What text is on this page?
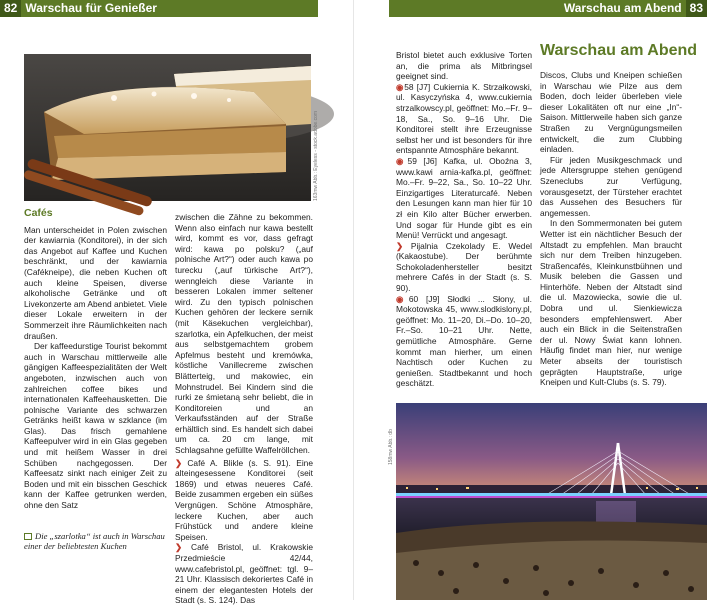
82 Warschau für Genießer	Warschau am Abend 83
163mw Abb.: Eyeless - stock.adobe.com
Cafés

Man unterscheidet in Polen zwischen der kawiarnia (Konditorei), in der sich das Angebot auf Kaffee und Kuchen beschränkt, und der kawiarnia (Cafékneipe), die neben Kuchen oft auch kleine Speisen, diverse alkoholische Getränke und oft Livekonzerte am Abend anbietet. Viele dieser Lokale erweitern in der Sommerzeit ihre Räumlichkeiten nach draußen.

Der kaffeedurstige Tourist bekommt auch in Warschau mittlerweile alle gängigen Kaffeespezialitäten der Welt angeboten, inzwischen auch von zahlreichen coffee bikes und internationalen Kaffeehausketten. Die polnische Variante des schwarzen Getränks heißt kawa w szklance (im Glas). Das frisch gemahlene Kaffeepulver wird in ein Glas gegeben und mit heißem Wasser in drei Schüben nachgegossen. Der Kaffeesatz sinkt nach einiger Zeit zu Boden und mit ein bisschen Geschick kann der Kaffee getrunken werden, ohne den Satz

Die „szarlotka“ ist auch in Warschau einer der beliebtesten Kuchen

zwischen die Zähne zu bekommen. Wenn also einfach nur kawa bestellt wird, kommt es vor, dass gefragt wird: kawa po polsku? („auf polnische Art?“) oder auch kawa po turecku („auf türkische Art?“), wenngleich diese Variante in besseren Lokalen immer seltener wird. Zu den typisch polnischen Kuchen gehören der leckere sernik (mit Käsekuchen vergleichbar), szarlotka, ein Apfelkuchen, der meist aus selbstgemachtem grobem Apfelmus besteht und kremówka, köstliche Vanillecreme zwischen Blätterteig, und makowiec, ein Mohnstrudel. Bei Kindern sind die rurki ze śmietaną sehr beliebt, die in Konditoreien und an Verkaufsständen auf der Straße erhältlich sind. Es handelt sich dabei um ca. 20 cm lange, mit Schlagsahne gefüllte Waffelröllchen.

❯ Café A. Blikle (s. S. 91). Eine alteingesessene Konditorei (seit 1869) und etwas neueres Café. Beide zusammen ergeben ein süßes Vergnügen. Schöne Atmosphäre, leckere Kuchen, aber auch Frühstück und andere kleine Speisen.

❯ Café Bristol, ul. Krakowskie Przedmieście 42/44, www.cafebristol.pl, geöffnet: tgl. 9–21 Uhr. Klassisch dekoriertes Café in einem der elegantesten Hotels der Stadt (s. S. 124). Das

Bristol bietet auch exklusive Torten an, die prima als Mitbringsel geeignet sind.

◉58 [J7] Cukiernia K. Strzałkowski, ul. Kasyczyńska 4, www.cukiernia strzalkowscy.pl, geöffnet: Mo.–Fr. 9–18, Sa., So. 9–16 Uhr. Die Konditorei stellt ihre Erzeugnisse selbst her und ist besonders für ihre entspannte Atmosphäre bekannt.

◉59 [J6] Kafka, ul. Oboźna 3, www.kawi arnia-kafka.pl, geöffnet: Mo.–Fr. 9–22, Sa., So. 10–22 Uhr. Einzigartiges Literaturcafé. Neben den Lesungen kann man hier für 10 zł ein Kilo alter Bücher erwerben. Und sogar für Hunde gibt es ein Menü! Verrückt und angesagt.

❯ Pijalnia Czekolady E. Wedel (Kakaostube). Der berühmte Schokoladenhersteller besitzt mehrere Cafés in der Stadt (s. S. 90).

◉60 [J9] Słodki ... Słony, ul. Mokotowska 45, www.slodkislony.pl, geöffnet: Mo. 11–20, Di.–Do. 10–20, Fr.–So. 10–21 Uhr. Nette, gemütliche Atmosphäre. Gerne kommt man hierher, um einen Nachtisch oder Kuchen zu genießen. Stadtbekannt und hoch geschätzt.

Warschau am Abend

Discos, Clubs und Kneipen schießen in Warschau wie Pilze aus dem Boden, doch leider überleben viele dieser Lokalitäten oft nur eine „In“-Saison. Mittlerweile haben sich ganze Straßen zu Vergnügungsmeilen entwickelt, die zum Clubbing einladen.

Für jeden Musikgeschmack und jede Altersgruppe stehen genügend Szeneclubs zur Verfügung, vorausgesetzt, der Türsteher erachtet das Aussehen des Besuchers für angemessen.

In den Sommermonaten bei gutem Wetter ist ein nächtlicher Besuch der Altstadt zu empfehlen. Man braucht sich nur dem Treiben hinzugeben. Straßencafés, Kleinkunstbühnen und Musik beleben die Gassen und Hinterhöfe. Neben der Altstadt sind die ul. Mazowiecka, sowie die ul. Dobra und ul. Sienkiewicza besonders empfehlenswert. Aber auch ein Blick in die Seitenstraßen der ul. Nowy Świat kann lohnen. Häufig findet man hier, nur wenige Meter abseits der touristisch geprägten Hauptstraße, urige Kneipen und Kult-Clubs (s. S. 79).

158mw Abb.: db
